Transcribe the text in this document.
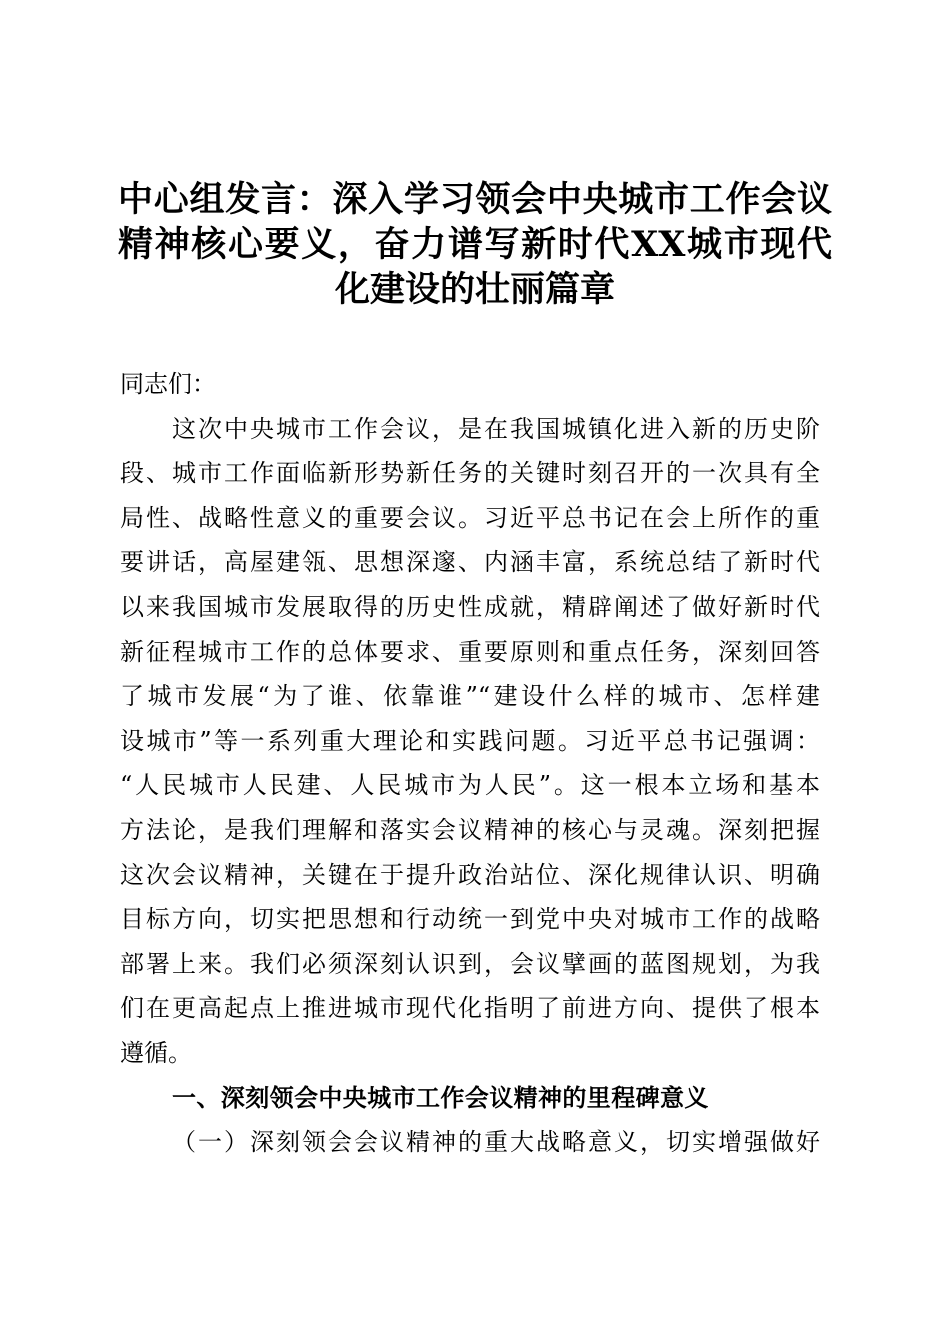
中心组发言：深入学习领会中央城市工作会议
精神核心要义，奋力谱写新时代XX城市现代
化建设的壮丽篇章
同志们：
这次中央城市工作会议，是在我国城镇化进入新的历史阶
段、城市工作面临新形势新任务的关键时刻召开的一次具有全
局性、战略性意义的重要会议。习近平总书记在会上所作的重
要讲话，高屋建瓴、思想深邃、内涵丰富，系统总结了新时代
以来我国城市发展取得的历史性成就，精辟阐述了做好新时代
新征程城市工作的总体要求、重要原则和重点任务，深刻回答
了城市发展“为了谁、依靠谁”“建设什么样的城市、怎样建
设城市”等一系列重大理论和实践问题。习近平总书记强调：
“人民城市人民建、人民城市为人民”。这一根本立场和基本
方法论，是我们理解和落实会议精神的核心与灵魂。深刻把握
这次会议精神，关键在于提升政治站位、深化规律认识、明确
目标方向，切实把思想和行动统一到党中央对城市工作的战略
部署上来。我们必须深刻认识到，会议擘画的蓝图规划，为我
们在更高起点上推进城市现代化指明了前进方向、提供了根本
遵循。
一、深刻领会中央城市工作会议精神的里程碑意义
（一）深刻领会会议精神的重大战略意义，切实增强做好
